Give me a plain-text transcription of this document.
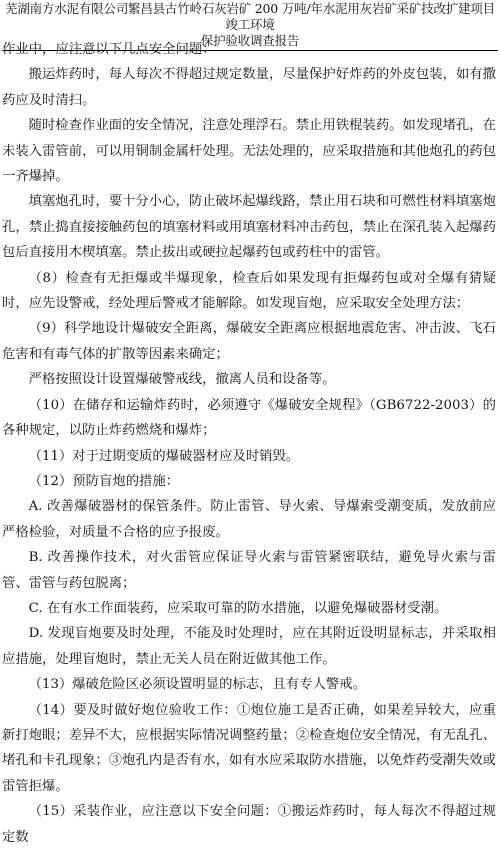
芜湖南方水泥有限公司繁昌县古竹岭石灰岩矿 200 万吨/年水泥用灰岩矿采矿技改扩建项目竣工环境
保护验收调查报告

作业中，应注意以下几点安全问题：

搬运炸药时，每人每次不得超过规定数量，尽量保护好炸药的外皮包装，如有撒药应及时清扫。

随时检查作业面的安全情况，注意处理浮石。禁止用铁棍装药。如发现堵孔，在未装入雷管前，可以用铜制金属杆处理。无法处理的，应采取措施和其他炮孔的药包一齐爆掉。

填塞炮孔时，要十分小心，防止破坏起爆线路，禁止用石块和可燃性材料填塞炮孔，禁止捣直接接触药包的填塞材料或用填塞材料冲击药包，禁止在深孔装入起爆药包后直接用木楔填塞。禁止拔出或硬拉起爆药包或药柱中的雷管。

（8）检查有无拒爆或半爆现象，检查后如果发现有拒爆药包或对全爆有猜疑时，应先设警戒，经处理后警戒才能解除。如发现盲炮，应采取安全处理方法；

（9）科学地设计爆破安全距离，爆破安全距离应根据地震危害、冲击波、飞石危害和有毒气体的扩散等因素来确定；

严格按照设计设置爆破警戒线，撤离人员和设备等。

（10）在储存和运输炸药时，必须遵守《爆破安全规程》（GB6722-2003）的各种规定，以防止炸药燃烧和爆炸；

（11）对于过期变质的爆破器材应及时销毁。

（12）预防盲炮的措施：

A. 改善爆破器材的保管条件。防止雷管、导火索、导爆索受潮变质，发放前应严格检验，对质量不合格的应予报废。

B. 改善操作技术，对火雷管应保证导火索与雷管紧密联结，避免导火索与雷管、雷管与药包脱离；

C. 在有水工作面装药，应采取可靠的防水措施，以避免爆破器材受潮。

D. 发现盲炮要及时处理，不能及时处理时，应在其附近设明显标志，并采取相应措施，处理盲炮时，禁止无关人员在附近做其他工作。

（13）爆破危险区必须设置明显的标志，且有专人警戒。

（14）要及时做好炮位验收工作：①炮位施工是否正确，如果差异较大，应重新打炮眼；差异不大，应根据实际情况调整药量；②检查炮位安全情况，有无乱孔、堵孔和卡孔现象；③炮孔内是否有水，如有水应采取防水措施，以免炸药受潮失效或雷管拒爆。

（15）采装作业，应注意以下安全问题：①搬运炸药时，每人每次不得超过规定数
